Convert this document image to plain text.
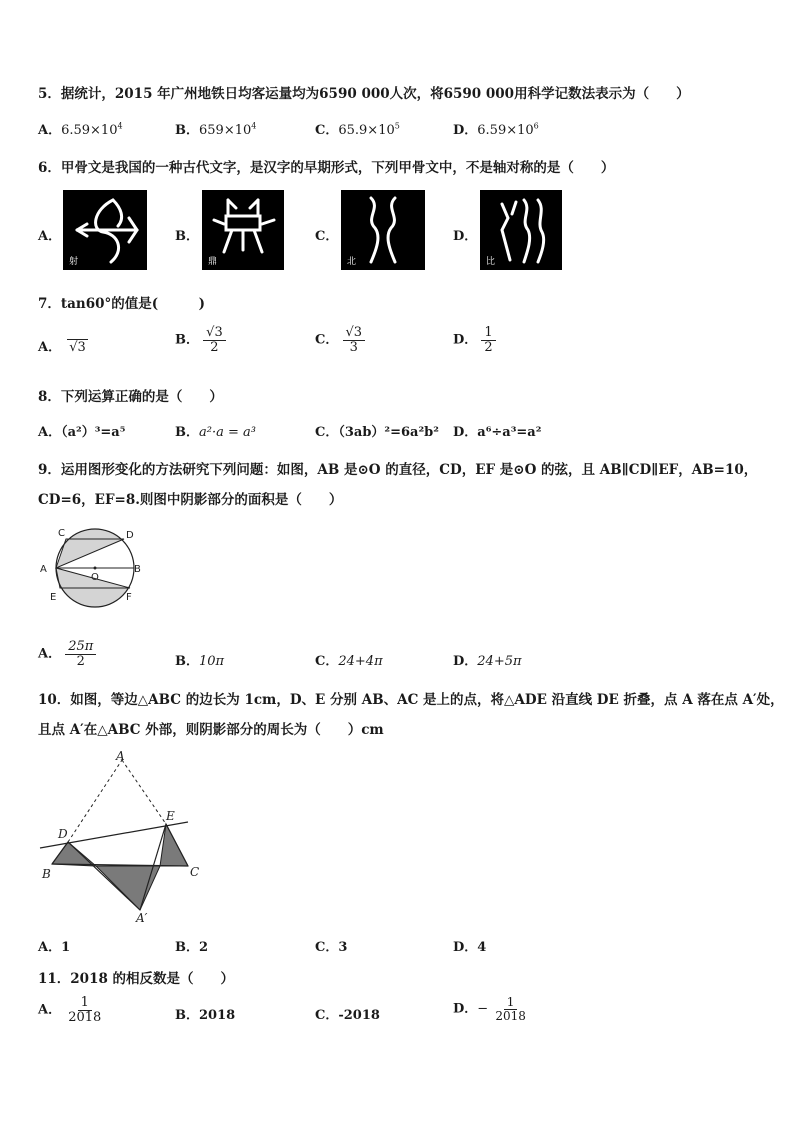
5．据统计，2015 年广州地铁日均客运量均为6590 000人次，将6590 000用科学记数法表示为（　　）
A．$6.59\times 10^4$	B．$659\times 10^4$	C．$65.9\times 10^5$	D．$6.59\times 10^6$
6．甲骨文是我国的一种古代文字，是汉字的早期形式，下列甲骨文中，不是轴对称的是（　　）
A．
射
B．
鼎
C．
北
D．
比
7．tan60°的值是(　　　)
A． √3	B． $\frac{√3}{2}$	C． $\frac{√3}{3}$	D． $\frac{1}{2}$
8．下列运算正确的是（　　）
A．（a²）³=a⁵	B．a²·a = a³	C．（3ab）²=6a²b² D．a⁶÷a³=a²
9．运用图形变化的方法研究下列问题：如图，AB 是⊙O 的直径，CD，EF 是⊙O 的弦，且 AB∥CD∥EF，AB=10，
CD=6，EF=8.则图中阴影部分的面积是（　　）
C	D
A
O
B
E	F
A． $\frac{25\pi}{2}$	B．10π	C．24+4π	D．24+5π
10．如图，等边△ABC 的边长为 1cm，D、E 分别 AB、AC 是上的点，将△ADE 沿直线 DE 折叠，点 A 落在点 A′处，
且点 A′在△ABC 外部，则阴影部分的周长为（　　）cm
A
D
E
B	C
A′
A．1	B．2	C．3	D．4
11．2018 的相反数是（　　）
A． $\frac{1}{2018}$	B．2018	C．-2018	D．− $\frac{1}{2018}$
